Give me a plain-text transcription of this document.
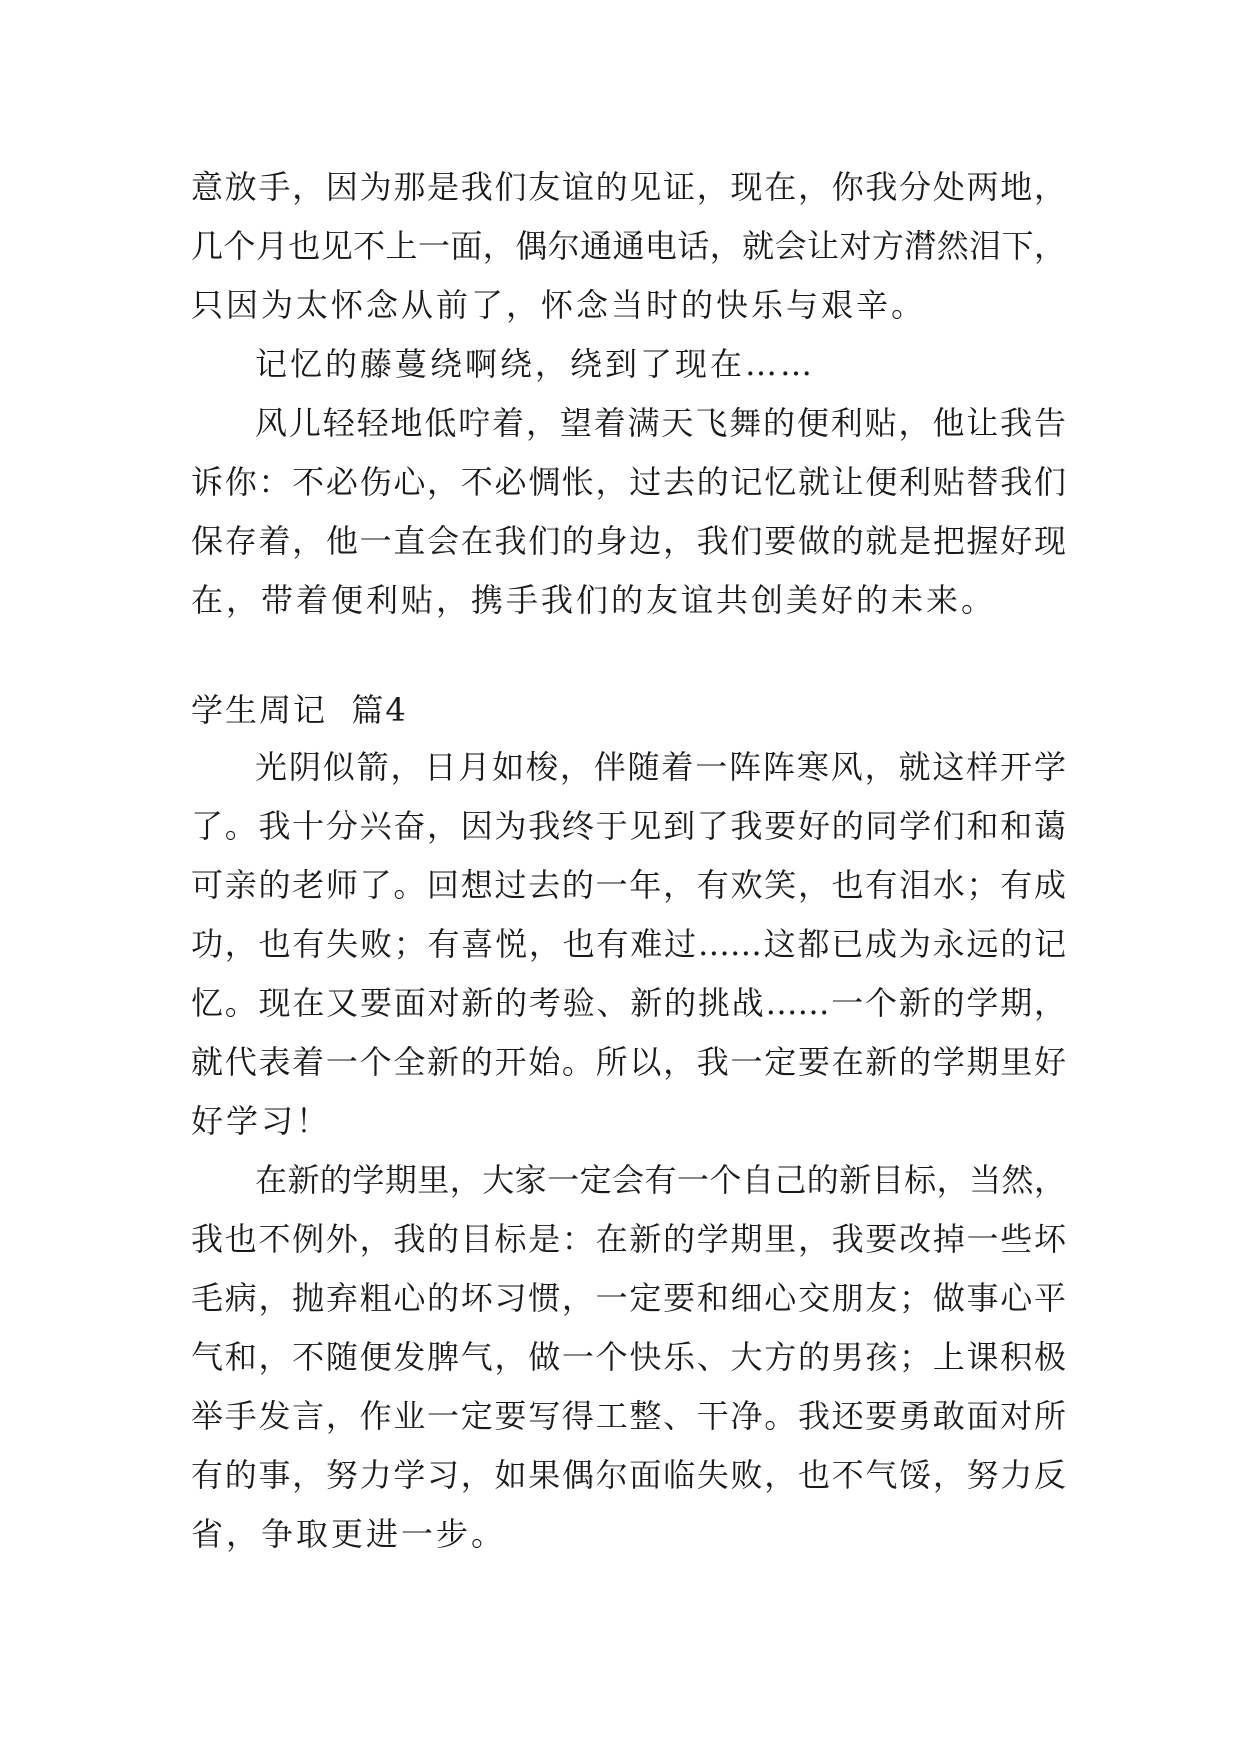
意放手，因为那是我们友谊的见证，现在，你我分处两地，
几个月也见不上一面，偶尔通通电话，就会让对方潸然泪下，
只因为太怀念从前了，怀念当时的快乐与艰辛。
记忆的藤蔓绕啊绕，绕到了现在……
风儿轻轻地低咛着，望着满天飞舞的便利贴，他让我告
诉你：不必伤心，不必惆怅，过去的记忆就让便利贴替我们
保存着，他一直会在我们的身边，我们要做的就是把握好现
在，带着便利贴，携手我们的友谊共创美好的未来。
学生周记  篇4
光阴似箭，日月如梭，伴随着一阵阵寒风，就这样开学
了。我十分兴奋，因为我终于见到了我要好的同学们和和蔼
可亲的老师了。回想过去的一年，有欢笑，也有泪水；有成
功，也有失败；有喜悦，也有难过……这都已成为永远的记
忆。现在又要面对新的考验、新的挑战……一个新的学期，
就代表着一个全新的开始。所以，我一定要在新的学期里好
好学习！
在新的学期里，大家一定会有一个自己的新目标，当然，
我也不例外，我的目标是：在新的学期里，我要改掉一些坏
毛病，抛弃粗心的坏习惯，一定要和细心交朋友；做事心平
气和，不随便发脾气，做一个快乐、大方的男孩；上课积极
举手发言，作业一定要写得工整、干净。我还要勇敢面对所
有的事，努力学习，如果偶尔面临失败，也不气馁，努力反
省，争取更进一步。
